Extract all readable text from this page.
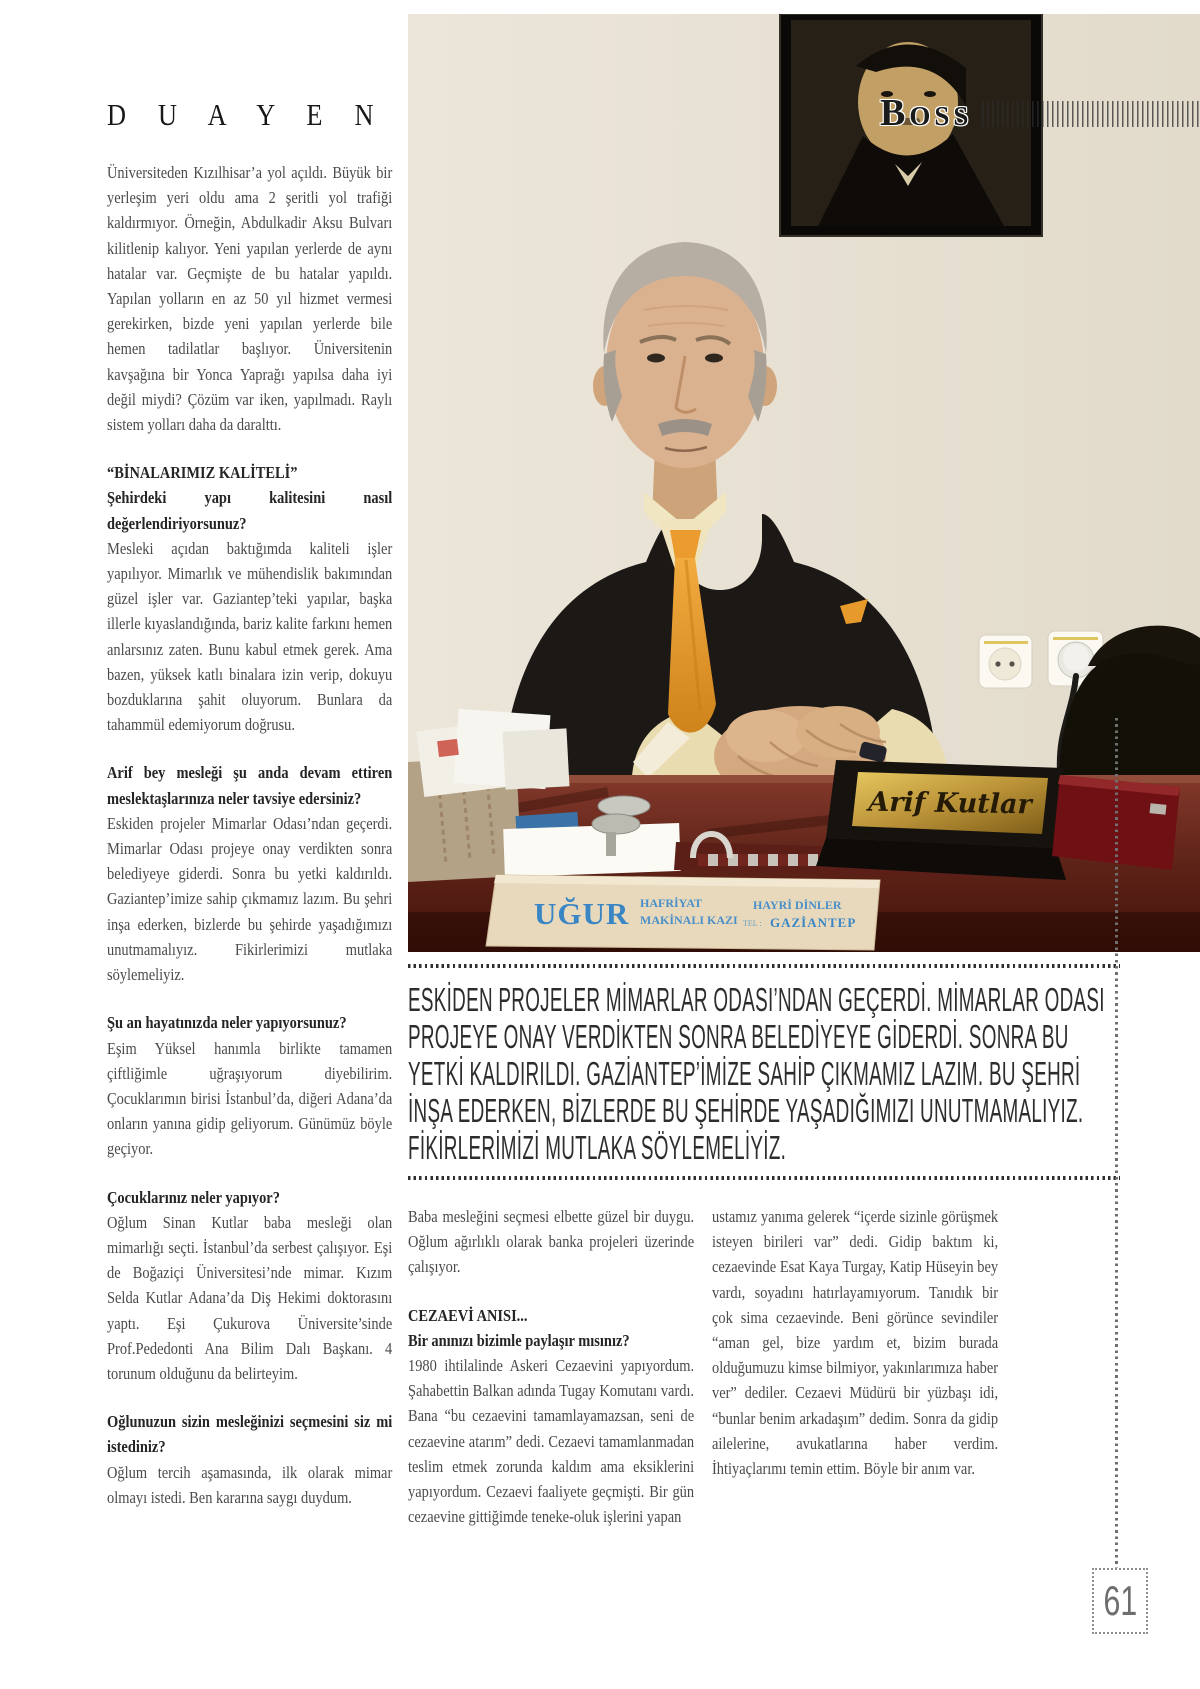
D U A Y E N
Üniversiteden Kızılhisar’a yol açıldı. Büyük bir yerleşim yeri oldu ama 2 şeritli yol trafiği kaldırmıyor. Örneğin, Abdulkadir Aksu Bulvarı kilitlenip kalıyor. Yeni yapılan yerlerde de aynı hatalar var. Geçmişte de bu hatalar yapıldı. Yapılan yolların en az 50 yıl hizmet vermesi gerekirken, bizde yeni yapılan yerlerde bile hemen tadilatlar başlıyor. Üniversitenin kavşağına bir Yonca Yaprağı yapılsa daha iyi değil miydi? Çözüm var iken, yapılmadı. Raylı sistem yolları daha da daralttı.
“BİNALARIMIZ KALİTELİ”
Şehirdeki yapı kalitesini nasıl değerlendiriyorsunuz?
Mesleki açıdan baktığımda kaliteli işler yapılıyor. Mimarlık ve mühendislik bakımından güzel işler var. Gaziantep’teki yapılar, başka illerle kıyaslandığında, bariz kalite farkını hemen anlarsınız zaten. Bunu kabul etmek gerek. Ama bazen, yüksek katlı binalara izin verip, dokuyu bozduklarına şahit oluyorum. Bunlara da tahammül edemiyorum doğrusu.
Arif bey mesleği şu anda devam ettiren meslektaşlarınıza neler tavsiye edersiniz?
Eskiden projeler Mimarlar Odası’ndan geçerdi. Mimarlar Odası projeye onay verdikten sonra belediyeye giderdi. Sonra bu yetki kaldırıldı. Gaziantep’imize sahip çıkmamız lazım. Bu şehri inşa ederken, bizlerde bu şehirde yaşadığımızı unutmamalıyız. Fikirlerimizi mutlaka söylemeliyiz.
Şu an hayatınızda neler yapıyorsunuz?
Eşim Yüksel hanımla birlikte tamamen çiftliğimle uğraşıyorum diyebilirim. Çocuklarımın birisi İstanbul’da, diğeri Adana’da onların yanına gidip geliyorum. Günümüz böyle geçiyor.
Çocuklarınız neler yapıyor?
Oğlum Sinan Kutlar baba mesleği olan mimarlığı seçti. İstanbul’da serbest çalışıyor. Eşi de Boğaziçi Üniversitesi’nde mimar. Kızım Selda Kutlar Adana’da Diş Hekimi doktorasını yaptı. Eşi Çukurova Üniversite’sinde Prof.Pededonti Ana Bilim Dalı Başkanı. 4 torunum olduğunu da belirteyim.
Oğlunuzun sizin mesleğinizi seçmesini siz mi istediniz?
Oğlum tercih aşamasında, ilk olarak mimar olmayı istedi. Ben kararına saygı duydum.
UĞUR HAFRİYAT
MAKİNALI KAZI
HAYRİ DİNLER
TEL : GAZİANTEP
Arif Kutlar
Boss
ESKİDEN PROJELER MİMARLAR ODASI’NDAN GEÇERDİ. MİMARLAR ODASI
PROJEYE ONAY VERDİKTEN SONRA BELEDİYEYE GİDERDİ. SONRA BU
YETKİ KALDIRILDI. GAZİANTEP’İMİZE SAHİP ÇIKMAMIZ LAZIM. BU ŞEHRİ
İNŞA EDERKEN, BİZLERDE BU ŞEHİRDE YAŞADIĞIMIZI UNUTMAMALIYIZ.
FİKİRLERİMİZİ MUTLAKA SÖYLEMELİYİZ.
Baba mesleğini seçmesi elbette güzel bir duygu. Oğlum ağırlıklı olarak banka projeleri üzerinde çalışıyor.
CEZAEVİ ANISI...
Bir anınızı bizimle paylaşır mısınız?
1980 ihtilalinde Askeri Cezaevini yapıyordum. Şahabettin Balkan adında Tugay Komutanı vardı. Bana “bu cezaevini tamamlayamazsan, seni de cezaevine atarım” dedi. Cezaevi tamamlanmadan teslim etmek zorunda kaldım ama eksiklerini yapıyordum. Cezaevi faaliyete geçmişti. Bir gün cezaevine gittiğimde teneke-oluk işlerini yapan
ustamız yanıma gelerek “içerde sizinle görüşmek isteyen birileri var” dedi. Gidip baktım ki, cezaevinde Esat Kaya Turgay, Katip Hüseyin bey vardı, soyadını hatırlayamıyorum. Tanıdık bir çok sima cezaevinde. Beni görünce sevindiler “aman gel, bize yardım et, bizim burada olduğumuzu kimse bilmiyor, yakınlarımıza haber ver” dediler. Cezaevi Müdürü bir yüzbaşı idi, “bunlar benim arkadaşım” dedim. Sonra da gidip ailelerine, avukatlarına haber verdim. İhtiyaçlarımı temin ettim. Böyle bir anım var.
61
